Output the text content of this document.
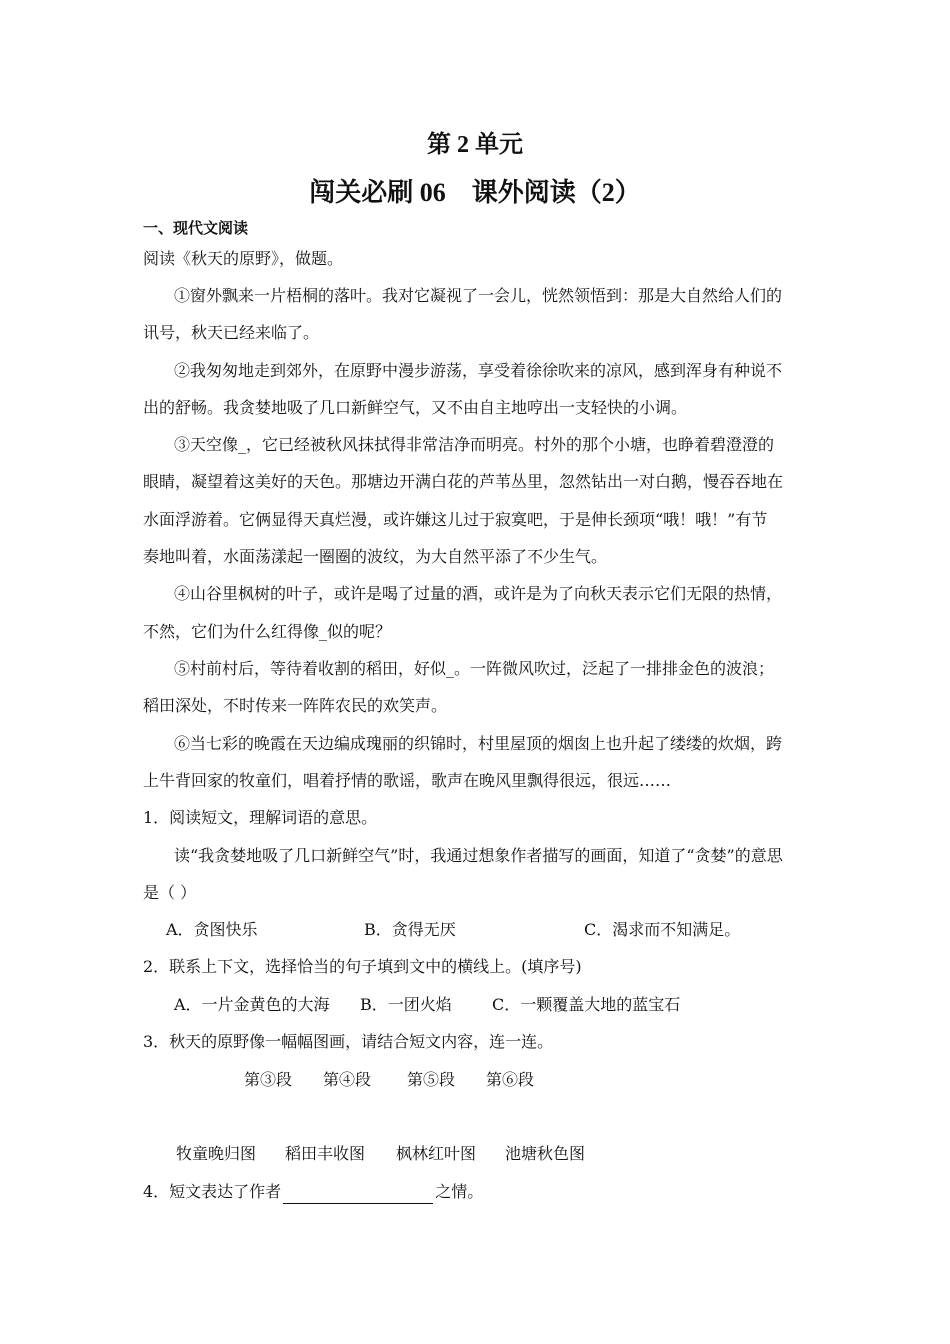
第 2 单元
闯关必刷 06　课外阅读（2）
一、现代文阅读
阅读《秋天的原野》，做题。
①窗外飘来一片梧桐的落叶。我对它凝视了一会儿，恍然领悟到：那是大自然给人们的
讯号，秋天已经来临了。
②我匆匆地走到郊外，在原野中漫步游荡，享受着徐徐吹来的凉风，感到浑身有种说不
出的舒畅。我贪婪地吸了几口新鲜空气，又不由自主地哼出一支轻快的小调。
③天空像_，它已经被秋风抹拭得非常洁净而明亮。村外的那个小塘，也睁着碧澄澄的
眼睛，凝望着这美好的天色。那塘边开满白花的芦苇丛里，忽然钻出一对白鹅，慢吞吞地在
水面浮游着。它俩显得天真烂漫，或许嫌这儿过于寂寞吧，于是伸长颈项“哦！哦！”有节
奏地叫着，水面荡漾起一圈圈的波纹，为大自然平添了不少生气。
④山谷里枫树的叶子，或许是喝了过量的酒，或许是为了向秋天表示它们无限的热情，
不然，它们为什么红得像_似的呢？
⑤村前村后，等待着收割的稻田，好似_。一阵微风吹过，泛起了一排排金色的波浪；
稻田深处，不时传来一阵阵农民的欢笑声。
⑥当七彩的晚霞在天边编成瑰丽的织锦时，村里屋顶的烟囱上也升起了缕缕的炊烟，跨
上牛背回家的牧童们，唱着抒情的歌谣，歌声在晚风里飘得很远，很远……
1．阅读短文，理解词语的意思。
读“我贪婪地吸了几口新鲜空气”时，我通过想象作者描写的画面，知道了“贪婪”的意思
是（ ）
A．贪图快乐	B．贪得无厌	C．渴求而不知满足。
2．联系上下文，选择恰当的句子填到文中的横线上。(填序号)
A．一片金黄色的大海 B．一团火焰	C．一颗覆盖大地的蓝宝石
3．秋天的原野像一幅幅图画，请结合短文内容，连一连。
第③段 第④段 第⑤段 第⑥段
牧童晚归图 稻田丰收图 枫林红叶图 池塘秋色图
4．短文表达了作者	之情。
